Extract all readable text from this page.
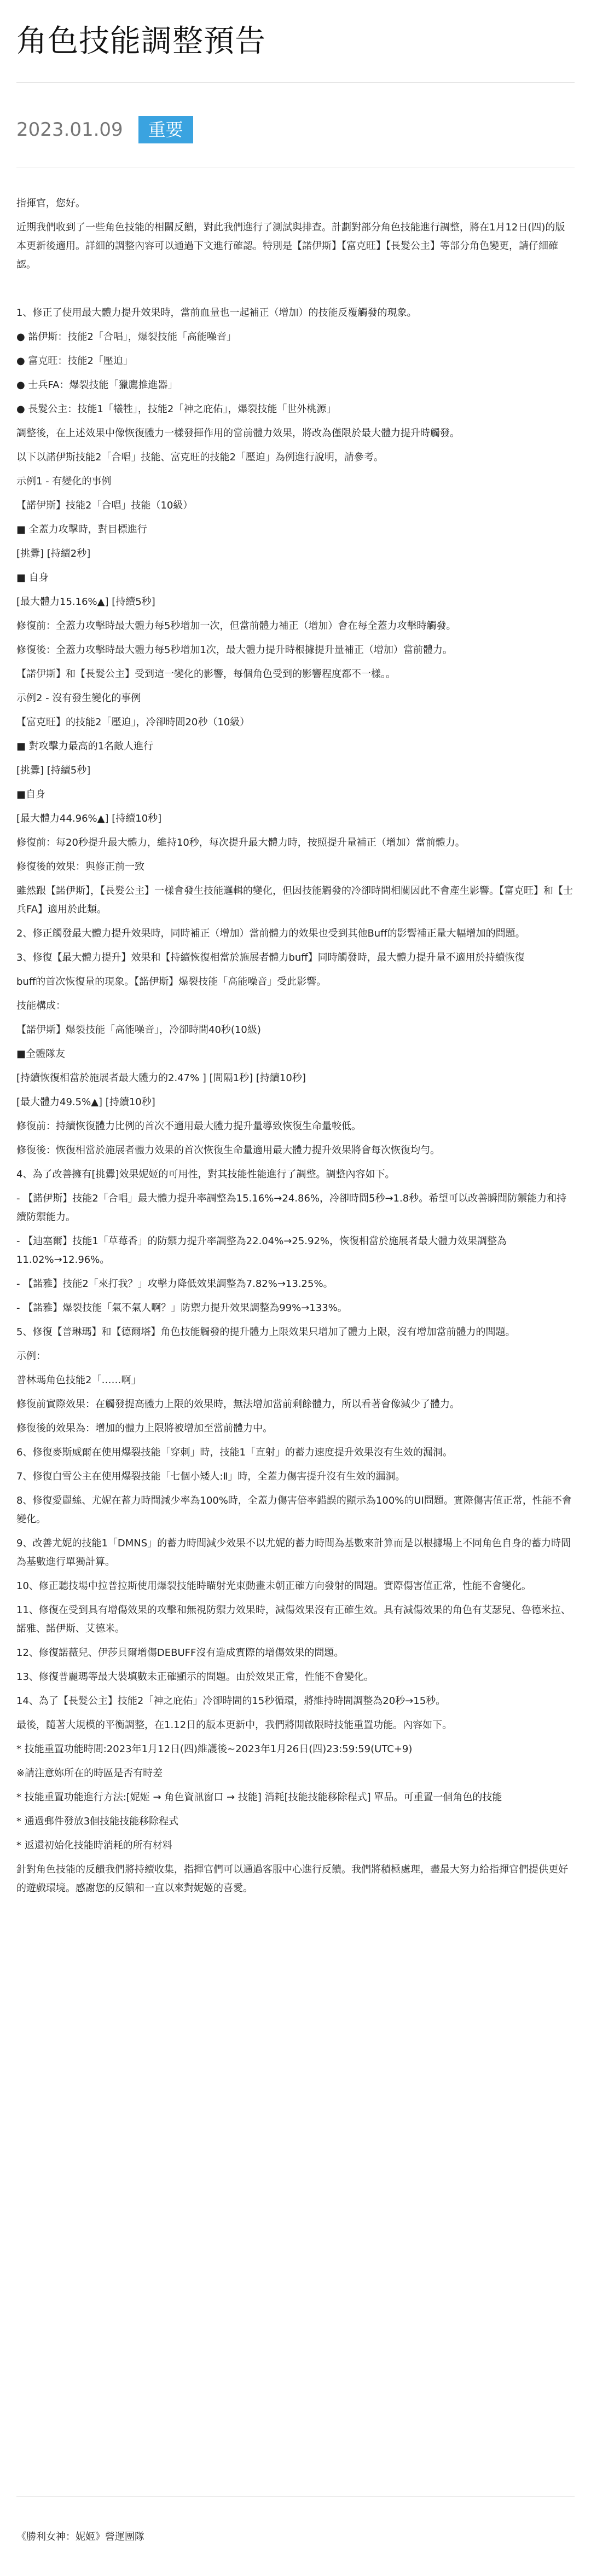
角色技能調整預告
2023.01.09	重要

指揮官，您好。

近期我們收到了一些角色技能的相關反饋，對此我們進行了測試與排查。計劃對部分角色技能進行調整，將在1月12日(四)的版本更新後適用。詳細的調整內容可以通過下文進行確認。特別是【諾伊斯】【富克旺】【長髮公主】等部分角色變更，請仔細確認。

1、修正了使用最大體力提升效果時，當前血量也一起補正（增加）的技能反覆觸發的現象。

● 諾伊斯：技能2「合唱」，爆裂技能「高能噪音」

● 富克旺：技能2「壓迫」

● 士兵FA：爆裂技能「獵鷹推進器」

● 長髮公主：技能1「犧牲」，技能2「神之庇佑」，爆裂技能「世外桃源」

調整後，在上述效果中像恢復體力一樣發揮作用的當前體力效果，將改為僅限於最大體力提升時觸發。

以下以諾伊斯技能2「合唱」技能、富克旺的技能2「壓迫」為例進行說明，請參考。

示例1 - 有變化的事例

【諾伊斯】技能2「合唱」技能（10級）

■ 全蓋力攻擊時，對目標進行

[挑釁] [持續2秒]

■ 自身

[最大體力15.16%▲] [持續5秒]

修復前：全蓋力攻擊時最大體力每5秒增加一次，但當前體力補正（增加）會在每全蓋力攻擊時觸發。

修復後：全蓋力攻擊時最大體力每5秒增加1次，最大體力提升時根據提升量補正（增加）當前體力。

【諾伊斯】和【長髮公主】受到這一變化的影響，每個角色受到的影響程度都不一樣。。

示例2 - 沒有發生變化的事例

【富克旺】的技能2「壓迫」，冷卻時間20秒（10級）

■ 對攻擊力最高的1名敵人進行

[挑釁] [持續5秒]

■自身

[最大體力44.96%▲] [持續10秒]

修復前：每20秒提升最大體力，維持10秒，每次提升最大體力時，按照提升量補正（增加）當前體力。

修復後的效果：與修正前一致

雖然跟【諾伊斯】，【長髮公主】一樣會發生技能邏輯的變化，但因技能觸發的冷卻時間相關因此不會產生影響。【富克旺】和【士兵FA】適用於此類。

2、修正觸發最大體力提升效果時，同時補正（增加）當前體力的效果也受到其他Buff的影響補正量大幅增加的問題。

3、修復【最大體力提升】效果和【持續恢復相當於施展者體力buff】同時觸發時，最大體力提升量不適用於持續恢復

buff的首次恢復量的現象。【諾伊斯】爆裂技能「高能噪音」受此影響。

技能構成：

【諾伊斯】爆裂技能「高能噪音」，冷卻時間40秒(10級)

■全體隊友

[持續恢復相當於施展者最大體力的2.47% ] [間隔1秒] [持續10秒]

[最大體力49.5%▲] [持續10秒]

修復前：持續恢復體力比例的首次不適用最大體力提升量導致恢復生命量較低。

修復後：恢復相當於施展者體力效果的首次恢復生命量適用最大體力提升效果將會每次恢復均勻。

4、為了改善擁有[挑釁]效果妮姬的可用性，對其技能性能進行了調整。調整內容如下。

- 【諾伊斯】技能2「合唱」最大體力提升率調整為15.16%→24.86%，冷卻時間5秒→1.8秒。希望可以改善瞬間防禦能力和持續防禦能力。

- 【迪塞爾】技能1「草莓香」的防禦力提升率調整為22.04%→25.92%，恢復相當於施展者最大體力效果調整為11.02%→12.96%。

- 【諾雅】技能2「來打我？」攻擊力降低效果調整為7.82%→13.25%。

- 【諾雅】爆裂技能「氣不氣人啊？」防禦力提升效果調整為99%→133%。

5、修復【普琳瑪】和【德爾塔】角色技能觸發的提升體力上限效果只增加了體力上限，沒有增加當前體力的問題。

示例：

普林瑪角色技能2「……啊」

修復前實際效果：在觸發提高體力上限的效果時，無法增加當前剩餘體力，所以看著會像減少了體力。

修復後的效果為：增加的體力上限將被增加至當前體力中。

6、修復麥斯威爾在使用爆裂技能「穿刺」時，技能1「直射」的蓄力速度提升效果沒有生效的漏洞。

7、修復白雪公主在使用爆裂技能「七個小矮人:Ⅱ」時，全蓋力傷害提升沒有生效的漏洞。

8、修復愛麗絲、尤妮在蓄力時間減少率為100%時，全蓋力傷害倍率錯誤的顯示為100%的UI問題。實際傷害值正常，性能不會變化。

9、改善尤妮的技能1「DMNS」的蓄力時間減少效果不以尤妮的蓄力時間為基數來計算而是以根據場上不同角色自身的蓄力時間為基數進行單獨計算。

10、修正聽技場中拉普拉斯使用爆裂技能時瞄射光束動畫未朝正確方向發射的問題。實際傷害值正常，性能不會變化。

11、修復在受到具有增傷效果的攻擊和無視防禦力效果時，減傷效果沒有正確生效。具有減傷效果的角色有艾瑟兒、魯德米拉、諾雅、諾伊斯、艾德米。

12、修復諾薇兒、伊莎貝爾增傷DEBUFF沒有造成實際的增傷效果的問題。

13、修復普麗瑪等最大裝填數未正確顯示的問題。由於效果正常，性能不會變化。

14、為了【長髮公主】技能2「神之庇佑」冷卻時間的15秒循環，將維持時間調整為20秒→15秒。

最後，隨著大規模的平衡調整，在1.12日的版本更新中，我們將開啟限時技能重置功能。內容如下。

* 技能重置功能時間:2023年1月12日(四)維護後~2023年1月26日(四)23:59:59(UTC+9)

※請注意妳所在的時區是否有時差

* 技能重置功能進行方法:[妮姬 → 角色資訊窗口 → 技能] 消耗[技能技能移除程式] 單品。可重置一個角色的技能

* 通過郵件發放3個技能技能移除程式

* 返還初始化技能時消耗的所有材料

針對角色技能的反饋我們將持續收集，指揮官們可以通過客服中心進行反饋。我們將積極處理，盡最大努力給指揮官們提供更好的遊戲環境。感謝您的反饋和一直以來對妮姬的喜愛。

《勝利女神：妮姬》營運團隊
